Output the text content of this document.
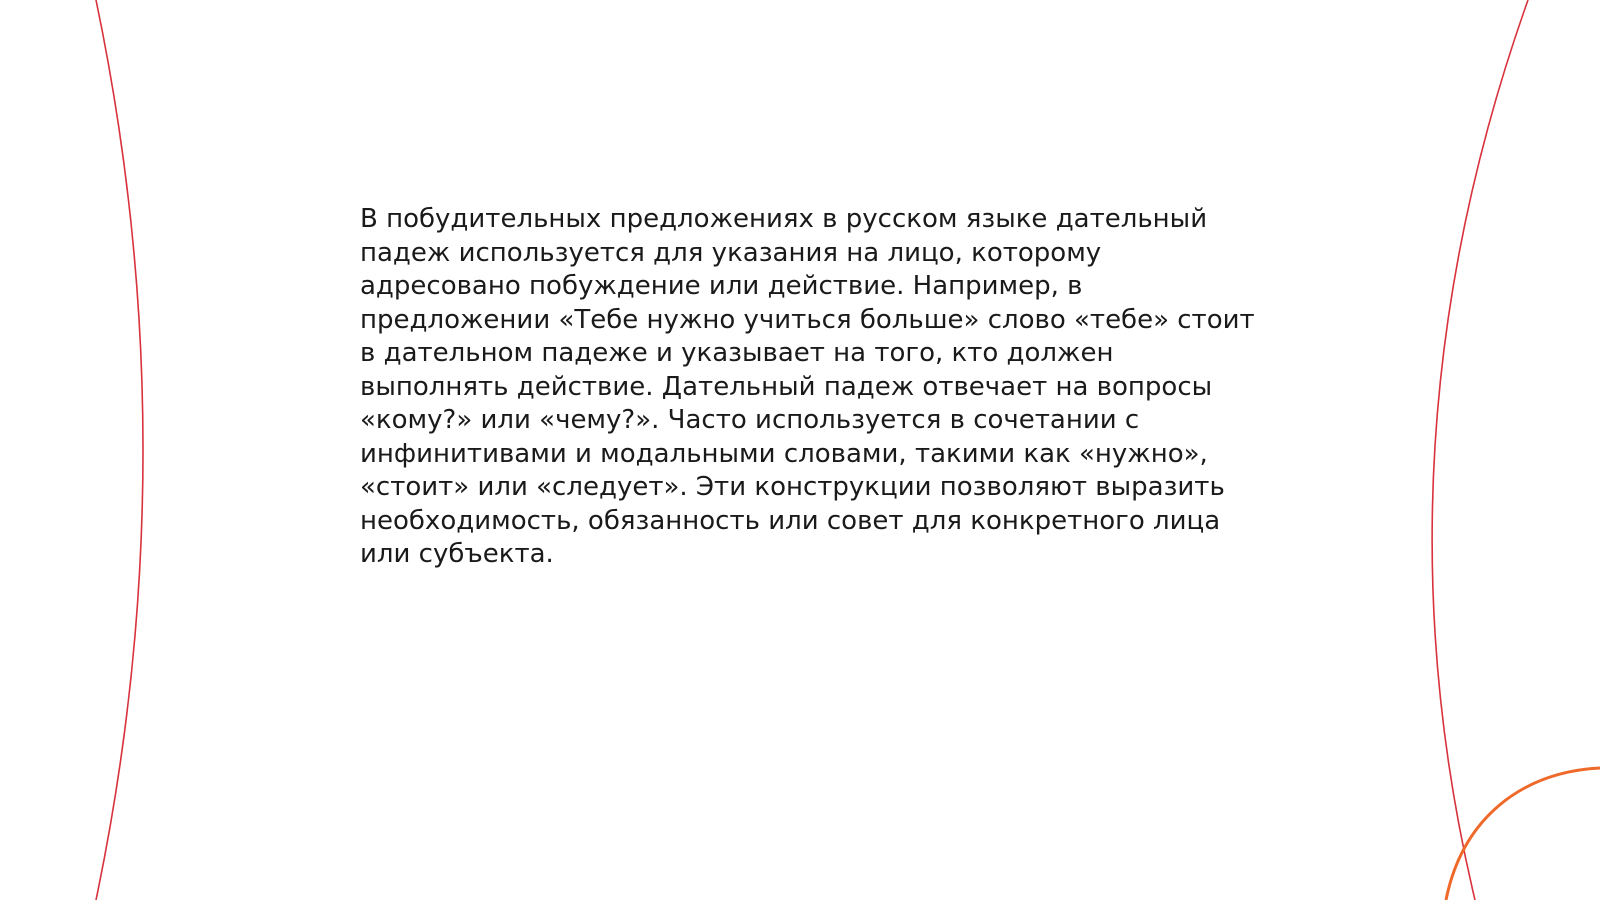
В побудительных предложениях в русском языке дательный
падеж используется для указания на лицо, которому
адресовано побуждение или действие. Например, в
предложении «Тебе нужно учиться больше» слово «тебе» стоит
в дательном падеже и указывает на того, кто должен
выполнять действие. Дательный падеж отвечает на вопросы
«кому?» или «чему?». Часто используется в сочетании с
инфинитивами и модальными словами, такими как «нужно»,
«стоит» или «следует». Эти конструкции позволяют выразить
необходимость, обязанность или совет для конкретного лица
или субъекта.
